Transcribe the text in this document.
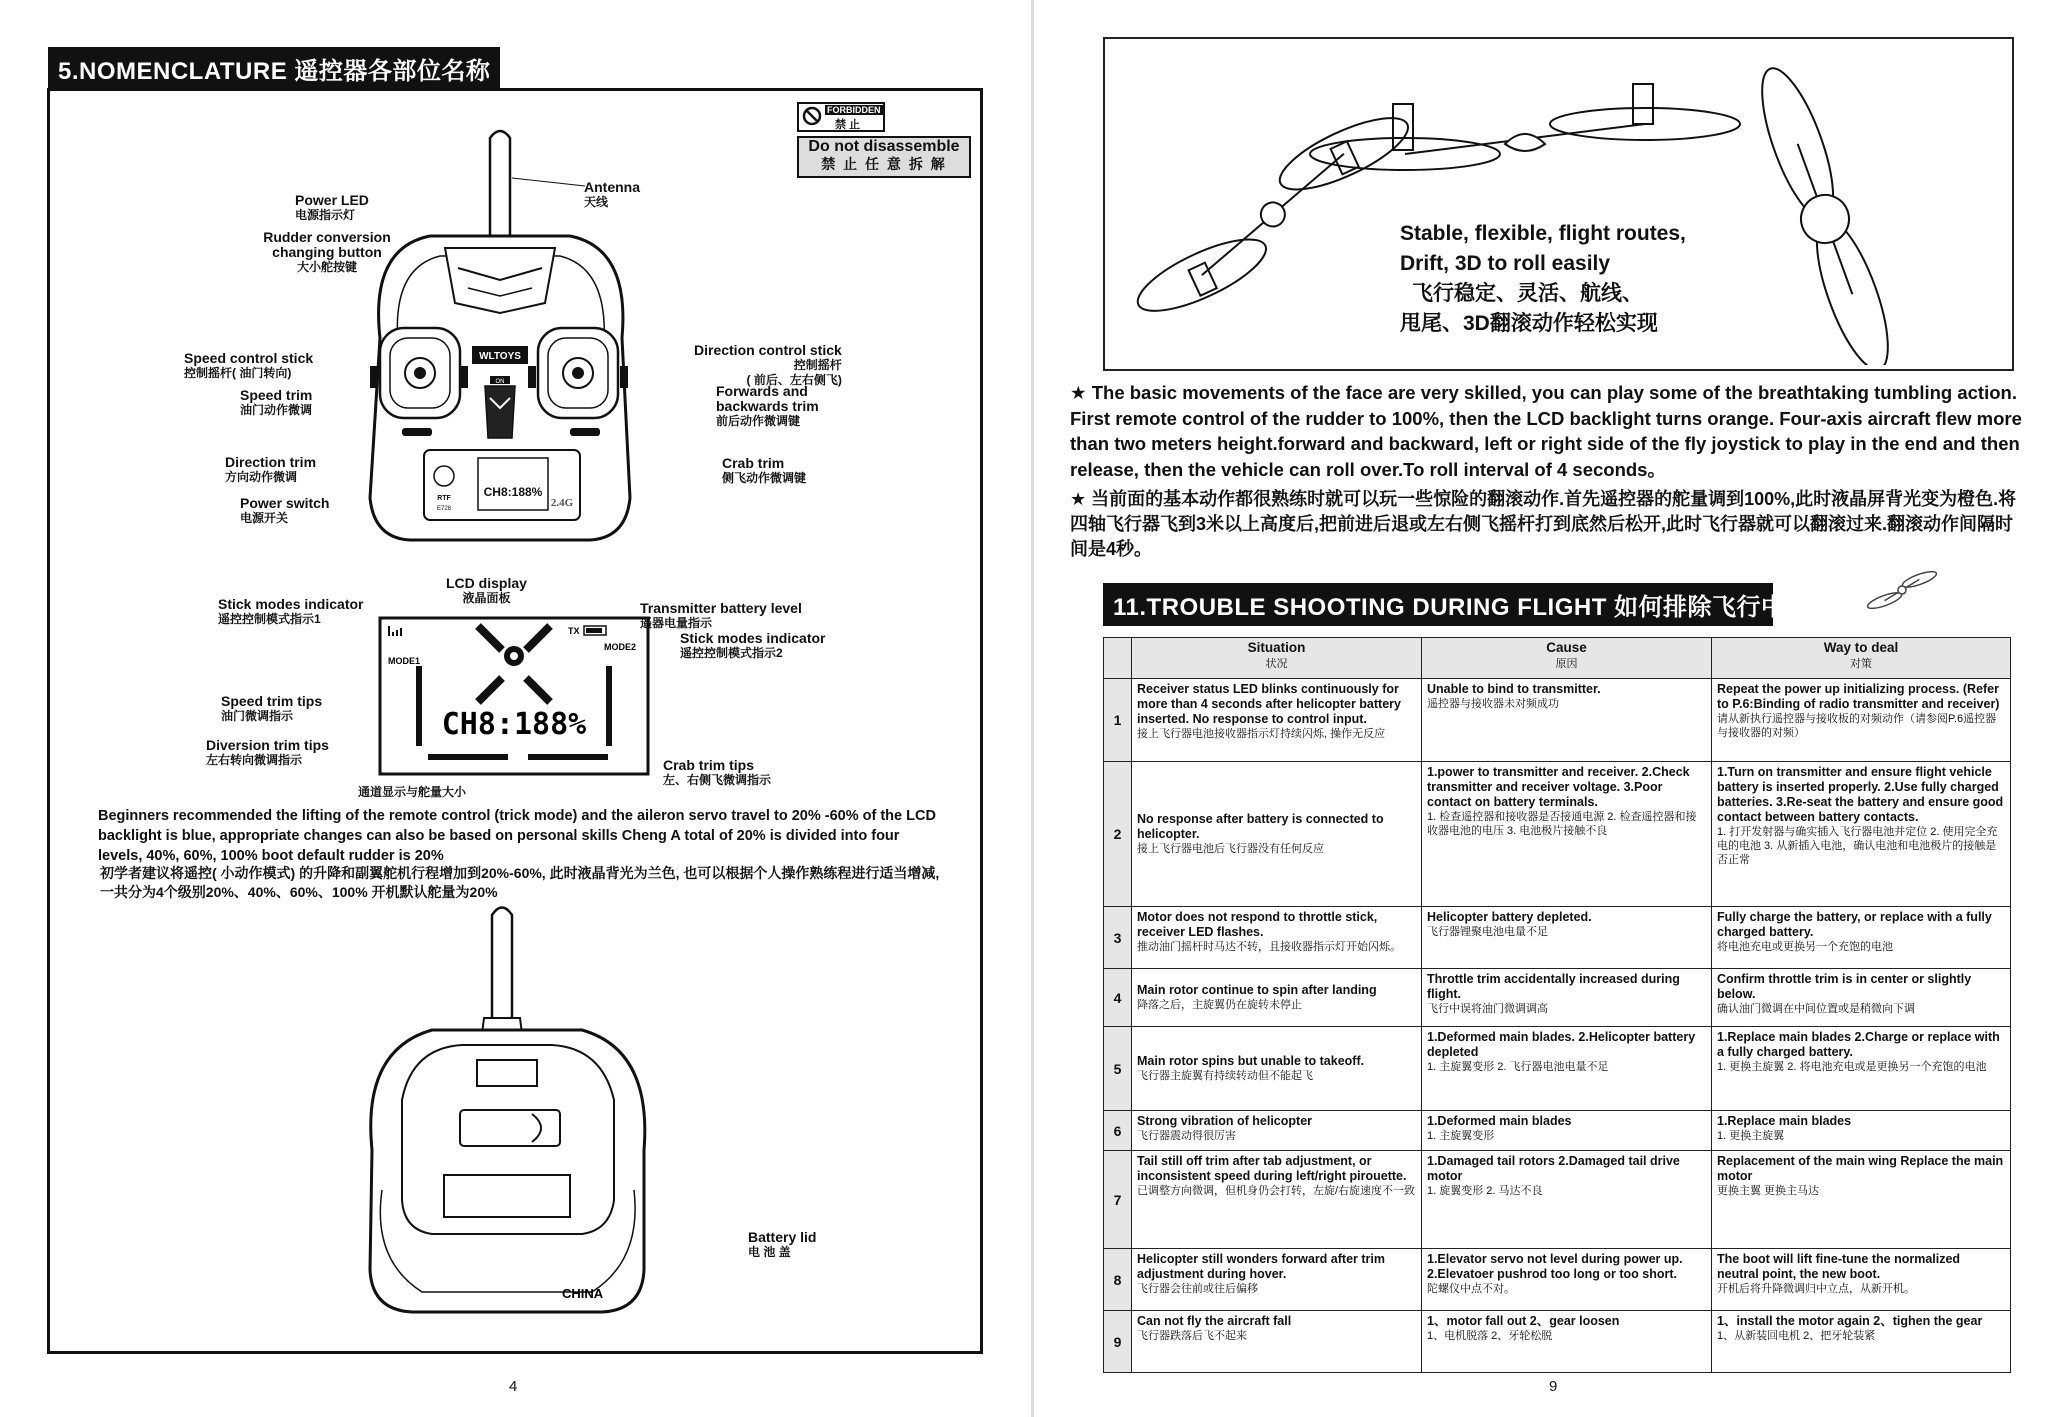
5.NOMENCLATURE 遥控器各部位名称
FORBIDDEN
禁 止
Do not disassemble
禁 止 任 意 拆 解
WLTOYS
ON
CH8:188%
2.4G
RTF
E728
Antenna
天线
Power LED
电源指示灯
Rudder conversion changing button
大小舵按键
Speed control stick
控制摇杆( 油门转向)
Speed trim
油门动作微调
Direction trim
方向动作微调
Power switch
电源开关
Direction control stick
控制摇杆
( 前后、左右侧飞)
Forwards and backwards trim
前后动作微调键
Crab trim
侧飞动作微调键
LCD display
液晶面板
MODE1
MODE2
TX
CH8:188%
Stick modes indicator
遥控控制模式指示1
Transmitter battery level
遥器电量指示
Stick modes indicator
遥控控制模式指示2
Speed trim tips
油门微调指示
Diversion trim tips
左右转向微调指示	Crab trim tips
左、右侧飞微调指示
通道显示与舵量大小
Beginners recommended the lifting of the remote control (trick mode) and the aileron servo travel to 20% -60% of the LCD backlight is blue, appropriate changes can also be based on personal skills Cheng A total of 20% is divided into four levels, 40%, 60%, 100% boot default rudder is 20%
初学者建议将遥控( 小动作模式) 的升降和副翼舵机行程增加到20%-60%, 此时液晶背光为兰色, 也可以根据个人操作熟练程进行适当增减, 一共分为4个级别20%、40%、60%、100% 开机默认舵量为20%
CHINA
Battery lid
电 池 盖
4
Stable, flexible, flight routes,
Drift, 3D to roll easily
飞行稳定、灵活、航线、
甩尾、3D翻滚动作轻松实现
★ The basic movements of the face are very skilled, you can play some of the breathtaking tumbling action. First remote control of the rudder to 100%, then the LCD backlight turns orange. Four-axis aircraft flew more than two meters height.forward and backward, left or right side of the fly joystick to play in the end and then release, then the vehicle can roll over.To roll interval of 4 seconds。
★ 当前面的基本动作都很熟练时就可以玩一些惊险的翻滚动作.首先遥控器的舵量调到100%,此时液晶屏背光变为橙色.将四轴飞行器飞到3米以上高度后,把前进后退或左右侧飞摇杆打到底然后松开,此时飞行器就可以翻滚过来.翻滚动作间隔时间是4秒。
11.TROUBLE SHOOTING DURING FLIGHT 如何排除飞行中的状况
	Situation
状况	Cause
原因	Way to deal
对策

1	Receiver status LED blinks continuously for more than 4 seconds after helicopter battery inserted. No response to control input.
接上飞行器电池接收器指示灯持续闪烁, 操作无反应	Unable to bind to transmitter.
遥控器与接收器未对频成功	Repeat the power up initializing process. (Refer to P.6:Binding of radio transmitter and receiver)
请从新执行遥控器与接收板的对频动作（请参阅P.6遥控器与接收器的对频）

2	No response after battery is connected to helicopter.
接上飞行器电池后飞行器没有任何反应	1.power to transmitter and receiver. 2.Check transmitter and receiver voltage. 3.Poor contact on battery terminals.
1. 检查遥控器和接收器是否接通电源 2. 检查遥控器和接收器电池的电压 3. 电池极片接触不良	1.Turn on transmitter and ensure flight vehicle battery is inserted properly. 2.Use fully charged batteries. 3.Re-seat the battery and ensure good contact between battery contacts.
1. 打开发射器与确实插入飞行器电池并定位 2. 使用完全充电的电池 3. 从新插入电池，确认电池和电池极片的接触是否正常

3	Motor does not respond to throttle stick, receiver LED flashes.
推动油门摇杆时马达不转，且接收器指示灯开始闪烁。	Helicopter battery depleted.
飞行器锂聚电池电量不足	Fully charge the battery, or replace with a fully charged battery.
将电池充电或更换另一个充饱的电池

4	Main rotor continue to spin after landing
降落之后，主旋翼仍在旋转未停止	Throttle trim accidentally increased during flight.
飞行中误将油门微调调高	Confirm throttle trim is in center or slightly below.
确认油门微调在中间位置或是稍微向下调

5	Main rotor spins but unable to takeoff.
飞行器主旋翼有持续转动但不能起飞	1.Deformed main blades. 2.Helicopter battery depleted
1. 主旋翼变形 2. 飞行器电池电量不足	1.Replace main blades 2.Charge or replace with a fully charged battery.
1. 更换主旋翼 2. 将电池充电或是更换另一个充饱的电池

6	Strong vibration of helicopter
飞行器震动得很厉害	1.Deformed main blades
1. 主旋翼变形	1.Replace main blades
1. 更换主旋翼

7	Tail still off trim after tab adjustment, or inconsistent speed during left/right pirouette.
已调整方向微调，但机身仍会打转，左旋/右旋速度不一致	1.Damaged tail rotors 2.Damaged tail drive motor
1. 旋翼变形 2. 马达不良	Replacement of the main wing Replace the main motor
更换主翼 更换主马达

8	Helicopter still wonders forward after trim adjustment during hover.
飞行器会往前或往后偏移	1.Elevator servo not level during power up. 2.Elevatoer pushrod too long or too short.
陀螺仪中点不对。	The boot will lift fine-tune the normalized neutral point, the new boot.
开机后将升降微调归中立点，从新开机。

9	Can not fly the aircraft fall
飞行器跌落后飞不起来	1、motor fall out 2、gear loosen
1、电机脱落 2、牙轮松脱	1、install the motor again 2、tighen the gear
1、从新装回电机 2、把牙轮装紧
9
